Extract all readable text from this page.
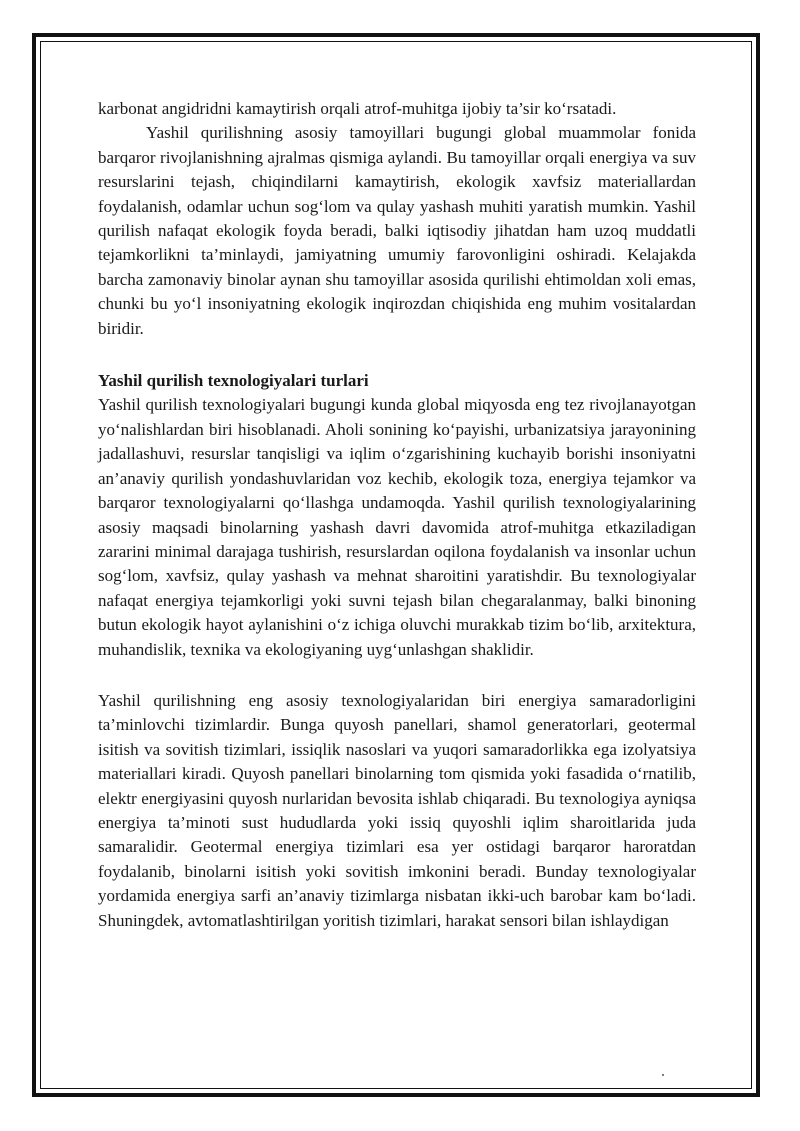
karbonat angidridni kamaytirish orqali atrof-muhitga ijobiy ta’sir ko‘rsatadi.

Yashil qurilishning asosiy tamoyillari bugungi global muammolar fonida barqaror rivojlanishning ajralmas qismiga aylandi. Bu tamoyillar orqali energiya va suv resurslarini tejash, chiqindilarni kamaytirish, ekologik xavfsiz materiallardan foydalanish, odamlar uchun sog‘lom va qulay yashash muhiti yaratish mumkin. Yashil qurilish nafaqat ekologik foyda beradi, balki iqtisodiy jihatdan ham uzoq muddatli tejamkorlikni ta’minlaydi, jamiyatning umumiy farovonligini oshiradi. Kelajakda barcha zamonaviy binolar aynan shu tamoyillar asosida qurilishi ehtimoldan xoli emas, chunki bu yo‘l insoniyatning ekologik inqirozdan chiqishida eng muhim vositalardan biridir.

Yashil qurilish texnologiyalari turlari

Yashil qurilish texnologiyalari bugungi kunda global miqyosda eng tez rivojlanayotgan yo‘nalishlardan biri hisoblanadi. Aholi sonining ko‘payishi, urbanizatsiya jarayonining jadallashuvi, resurslar tanqisligi va iqlim o‘zgarishining kuchayib borishi insoniyatni an’anaviy qurilish yondashuvlaridan voz kechib, ekologik toza, energiya tejamkor va barqaror texnologiyalarni qo‘llashga undamoqda. Yashil qurilish texnologiyalarining asosiy maqsadi binolarning yashash davri davomida atrof-muhitga etkaziladigan zararini minimal darajaga tushirish, resurslardan oqilona foydalanish va insonlar uchun sog‘lom, xavfsiz, qulay yashash va mehnat sharoitini yaratishdir. Bu texnologiyalar nafaqat energiya tejamkorligi yoki suvni tejash bilan chegaralanmay, balki binoning butun ekologik hayot aylanishini o‘z ichiga oluvchi murakkab tizim bo‘lib, arxitektura, muhandislik, texnika va ekologiyaning uyg‘unlashgan shaklidir.

Yashil qurilishning eng asosiy texnologiyalaridan biri energiya samaradorligini ta’minlovchi tizimlardir. Bunga quyosh panellari, shamol generatorlari, geotermal isitish va sovitish tizimlari, issiqlik nasoslari va yuqori samaradorlikka ega izolyatsiya materiallari kiradi. Quyosh panellari binolarning tom qismida yoki fasadida o‘rnatilib, elektr energiyasini quyosh nurlaridan bevosita ishlab chiqaradi. Bu texnologiya ayniqsa energiya ta’minoti sust hududlarda yoki issiq quyoshli iqlim sharoitlarida juda samaralidir. Geotermal energiya tizimlari esa yer ostidagi barqaror haroratdan foydalanib, binolarni isitish yoki sovitish imkonini beradi. Bunday texnologiyalar yordamida energiya sarfi an’anaviy tizimlarga nisbatan ikki-uch barobar kam bo‘ladi. Shuningdek, avtomatlashtirilgan yoritish tizimlari, harakat sensori bilan ishlaydigan
